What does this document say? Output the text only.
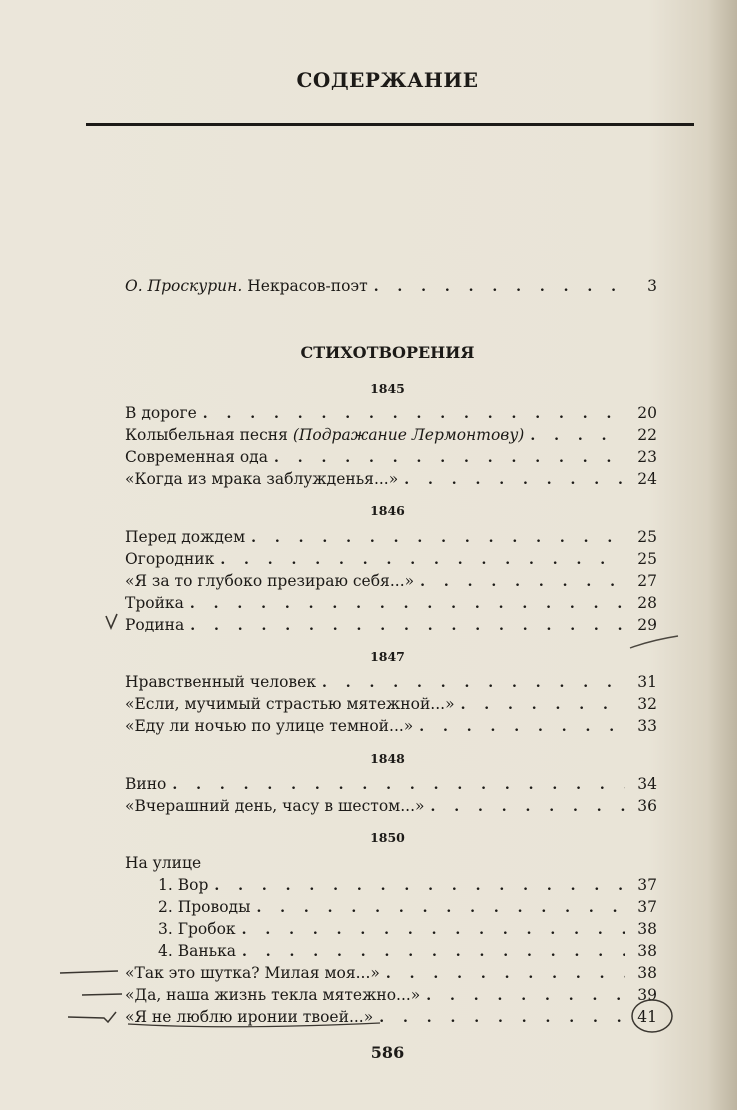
СОДЕРЖАНИЕ
О. Проскурин. Некрасов-поэт . . .	3
СТИХОТВОРЕНИЯ
1845
В дороге . . .	20
Колыбельная песня (Подражание Лермонтову) . . .	22
Современная ода . . .	23
«Когда из мрака заблужденья...» . . .	24
1846
Перед дождем . . .	25
Огородник . . .	25
«Я за то глубоко презираю себя...» . . .	27
Тройка . . .	28
Родина . . .	29
1847
Нравственный человек . . .	31
«Если, мучимый страстью мятежной...» . . .	32
«Еду ли ночью по улице темной...» . . .	33
1848
Вино . . .	34
«Вчерашний день, часу в шестом...» . . .	36
1850
На улице
1. Вор . . .	37
2. Проводы . . .	37
3. Гробок . . .	38
4. Ванька . . .	38
«Так это шутка? Милая моя...» . . .	38
«Да, наша жизнь текла мятежно...» . . .	39
«Я не люблю иронии твоей...» . . .	41
586
